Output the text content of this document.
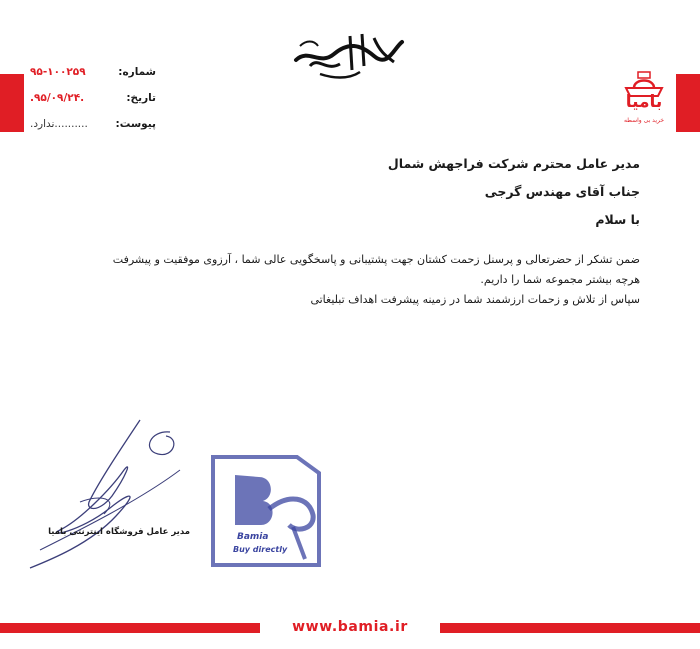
شماره:
۹۵-۱۰۰۲۵۹
تاریخ:
.۹۵/۰۹/۲۴.
پیوست:
..........ندارد.
بامیا
خرید بی واسطه

مدیر عامل محترم شرکت فراجهش شمال

جناب آقای مهندس گرجی

با سلام

ضمن تشکر از حضرتعالی و پرسنل زحمت کشتان جهت پشتیبانی و پاسخگویی عالی شما ، آرزوی موفقیت و پیشرفت

هرچه بیشتر مجموعه شما را داریم.

سپاس از تلاش و زحمات ارزشمند شما در زمینه پیشرفت اهداف تبلیغاتی

مدیر عامل فروشگاه اینترنتی بامیا	Bamia
Buy directly
www.bamia.ir
